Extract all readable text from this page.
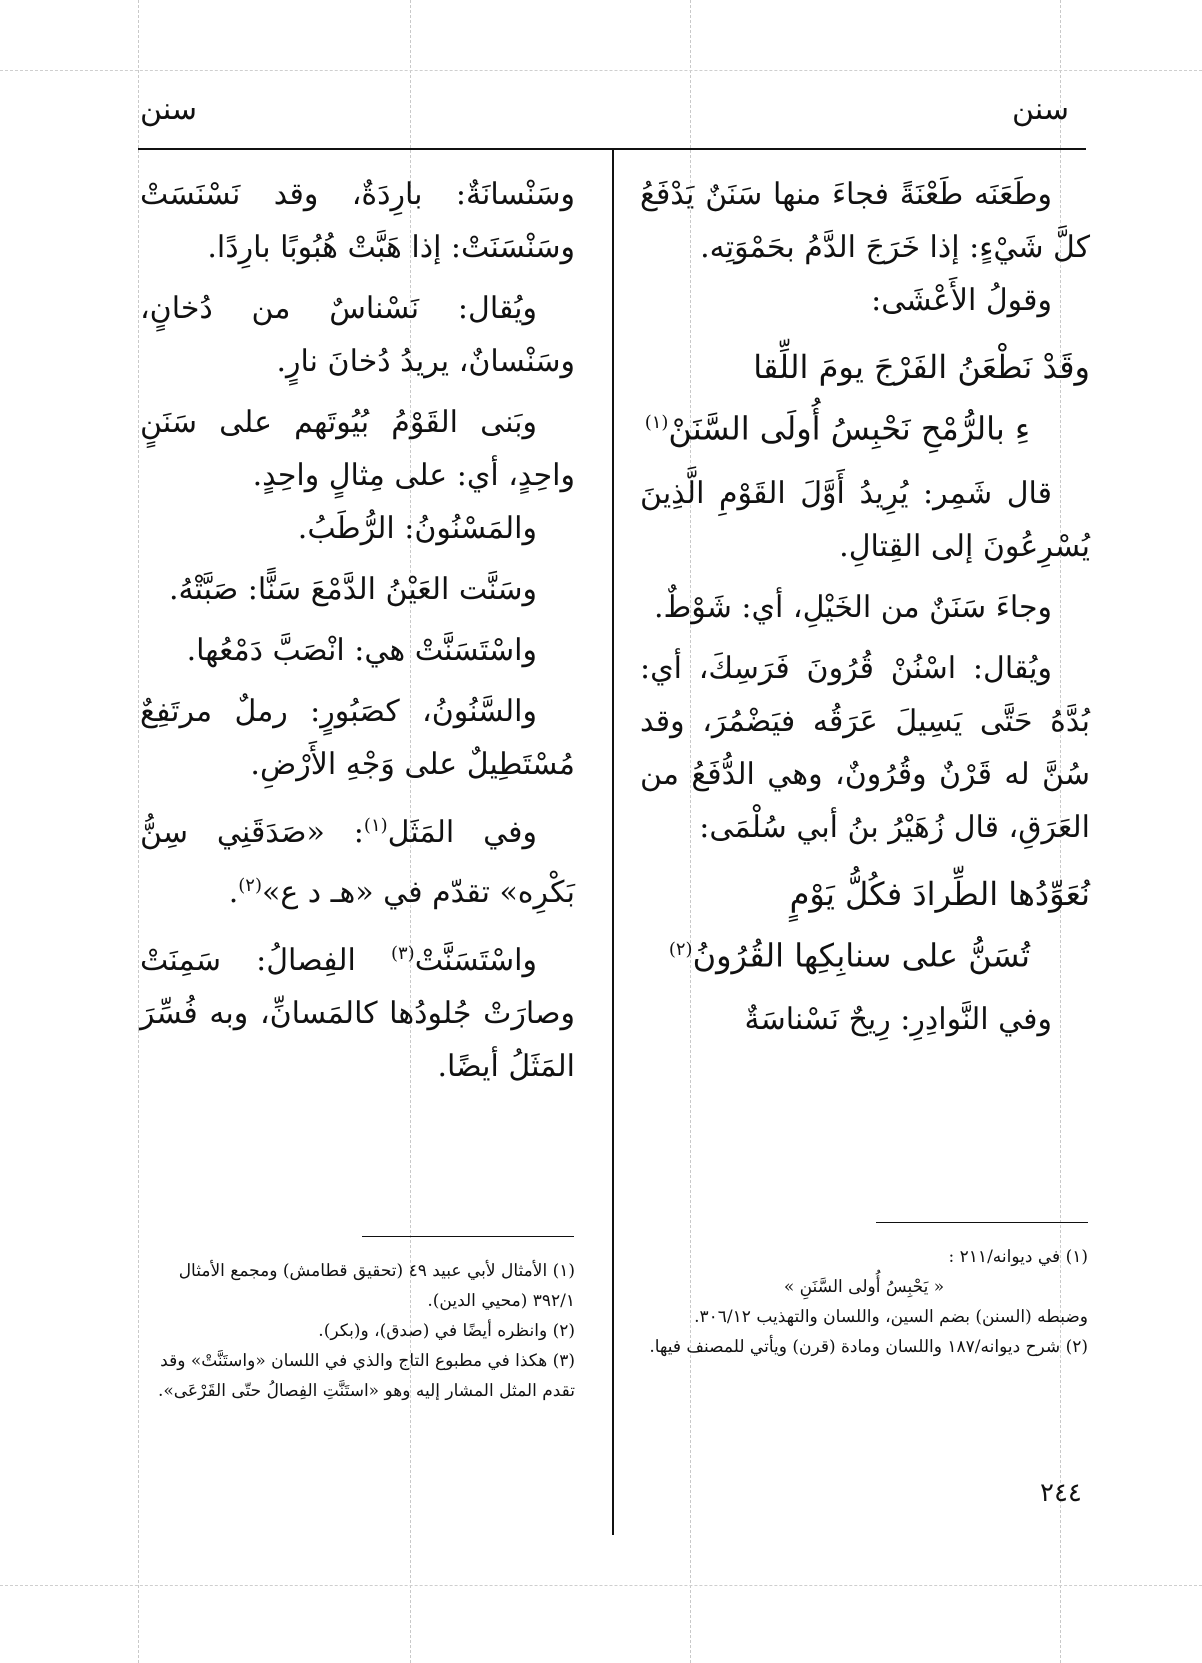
سنن
سنن

وطَعَنَه طَعْنَةً فجاءَ منها سَنَنٌ يَدْفَعُ كلَّ شَيْءٍ: إذا خَرَجَ الدَّمُ بحَمْوَتِه.

وقولُ الأَعْشَى:

وقَدْ نَطْعَنُ الفَرْجَ يومَ اللِّقا
ءِ بالرُّمْحِ نَحْبِسُ أُولَى السَّنَنْ$^{(١)}$

قال شَمِر: يُرِيدُ أَوَّلَ القَوْمِ الَّذِينَ يُسْرِعُونَ إلى القِتالِ.

وجاءَ سَنَنٌ من الخَيْلِ، أي: شَوْطٌ.

ويُقال: اسْنُنْ قُرُونَ فَرَسِكَ، أي: بُدَّهُ حَتَّى يَسِيلَ عَرَقُه فيَضْمُرَ، وقد سُنَّ له قَرْنٌ وقُرُونٌ، وهي الدُّفَعُ من العَرَقِ، قال زُهَيْرُ بنُ أبي سُلْمَى:

نُعَوِّدُها الطِّرادَ فكُلُّ يَوْمٍ
تُسَنُّ على سنابِكِها القُرُونُ$^{(٢)}$

وفي النَّوادِرِ: رِيحٌ نَسْناسَةٌ

وسَنْسانَةٌ: بارِدَةٌ، وقد نَسْنَسَتْ وسَنْسَنَتْ: إذا هَبَّتْ هُبُوبًا بارِدًا.

ويُقال: نَسْناسٌ من دُخانٍ، وسَنْسانٌ، يريدُ دُخانَ نارٍ.

وبَنى القَوْمُ بُيُوتَهم على سَنَنٍ واحِدٍ، أي: على مِثالٍ واحِدٍ.

والمَسْنُونُ: الرُّطَبُ.

وسَنَّت العَيْنُ الدَّمْعَ سَنًّا: صَبَّتْهُ.

واسْتَسَنَّتْ هي: انْصَبَّ دَمْعُها.

والسَّنُونُ، كصَبُورٍ: رملٌ مرتَفِعٌ مُسْتَطِيلٌ على وَجْهِ الأَرْضِ.

وفي المَثَل$^{(١)}$: «صَدَقَنِي سِنُّ بَكْرِه» تقدّم في «هـ د ع»$^{(٢)}$.

واسْتَسَنَّتْ$^{(٣)}$ الفِصالُ: سَمِنَتْ وصارَتْ جُلودُها كالمَسانِّ، وبه فُسِّرَ المَثَلُ أيضًا.

(١) في ديوانه/٢١١ :
« يَحْبِسُ أُولى السَّنَنِ »
وضبطه (السنن) بضم السين، واللسان والتهذيب ٣٠٦/١٢.
(٢) شرح ديوانه/١٨٧ واللسان ومادة (قرن) ويأتي للمصنف فيها.
(١) الأمثال لأبي عبيد ٤٩ (تحقيق قطامش) ومجمع الأمثال ٣٩٢/١ (محيي الدين).
(٢) وانظره أيضًا في (صدق)، و(بكر).
(٣) هكذا في مطبوع التاج والذي في اللسان «واستَنَّتْ» وقد تقدم المثل المشار إليه وهو «استَنَّتِ الفِصالُ حتّى القَرْعَى».
٢٤٤
